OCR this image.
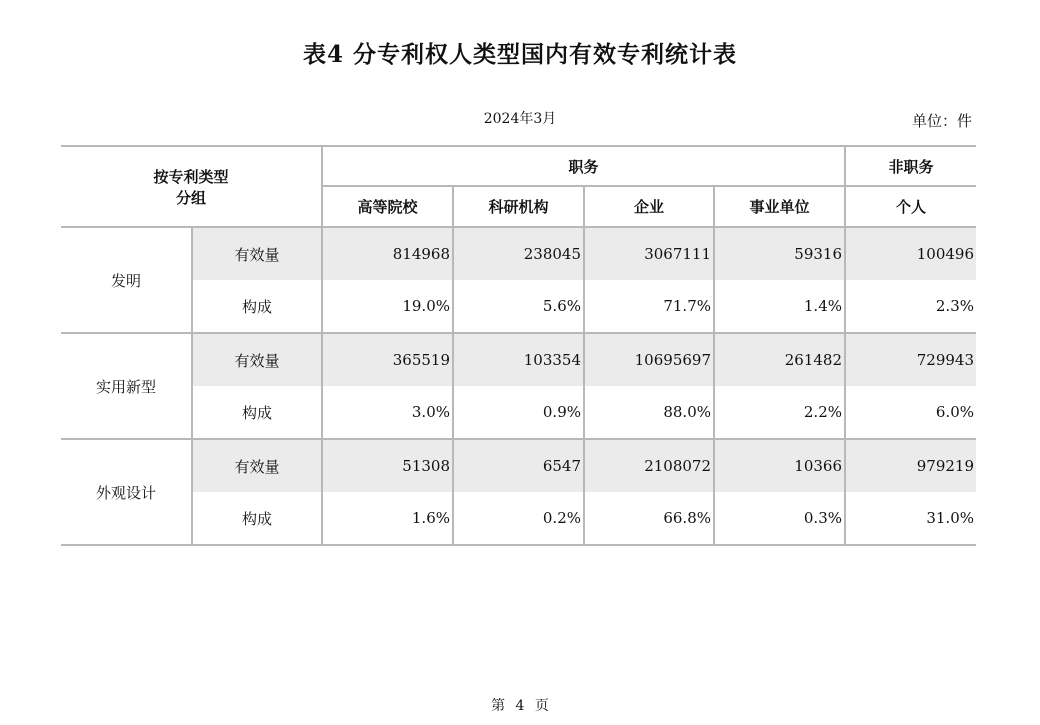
表4 分专利权人类型国内有效专利统计表
2024年3月	单位：件
按专利类型
分组		职务				非职务
		高等院校	科研机构	企业	事业单位	个人
发明	有效量	814968	238045	3067111	59316	100496
	构成	19.0%	5.6%	71.7%	1.4%	2.3%
实用新型	有效量	365519	103354	10695697	261482	729943
	构成	3.0%	0.9%	88.0%	2.2%	6.0%
外观设计	有效量	51308	6547	2108072	10366	979219
	构成	1.6%	0.2%	66.8%	0.3%	31.0%
第 4 页
